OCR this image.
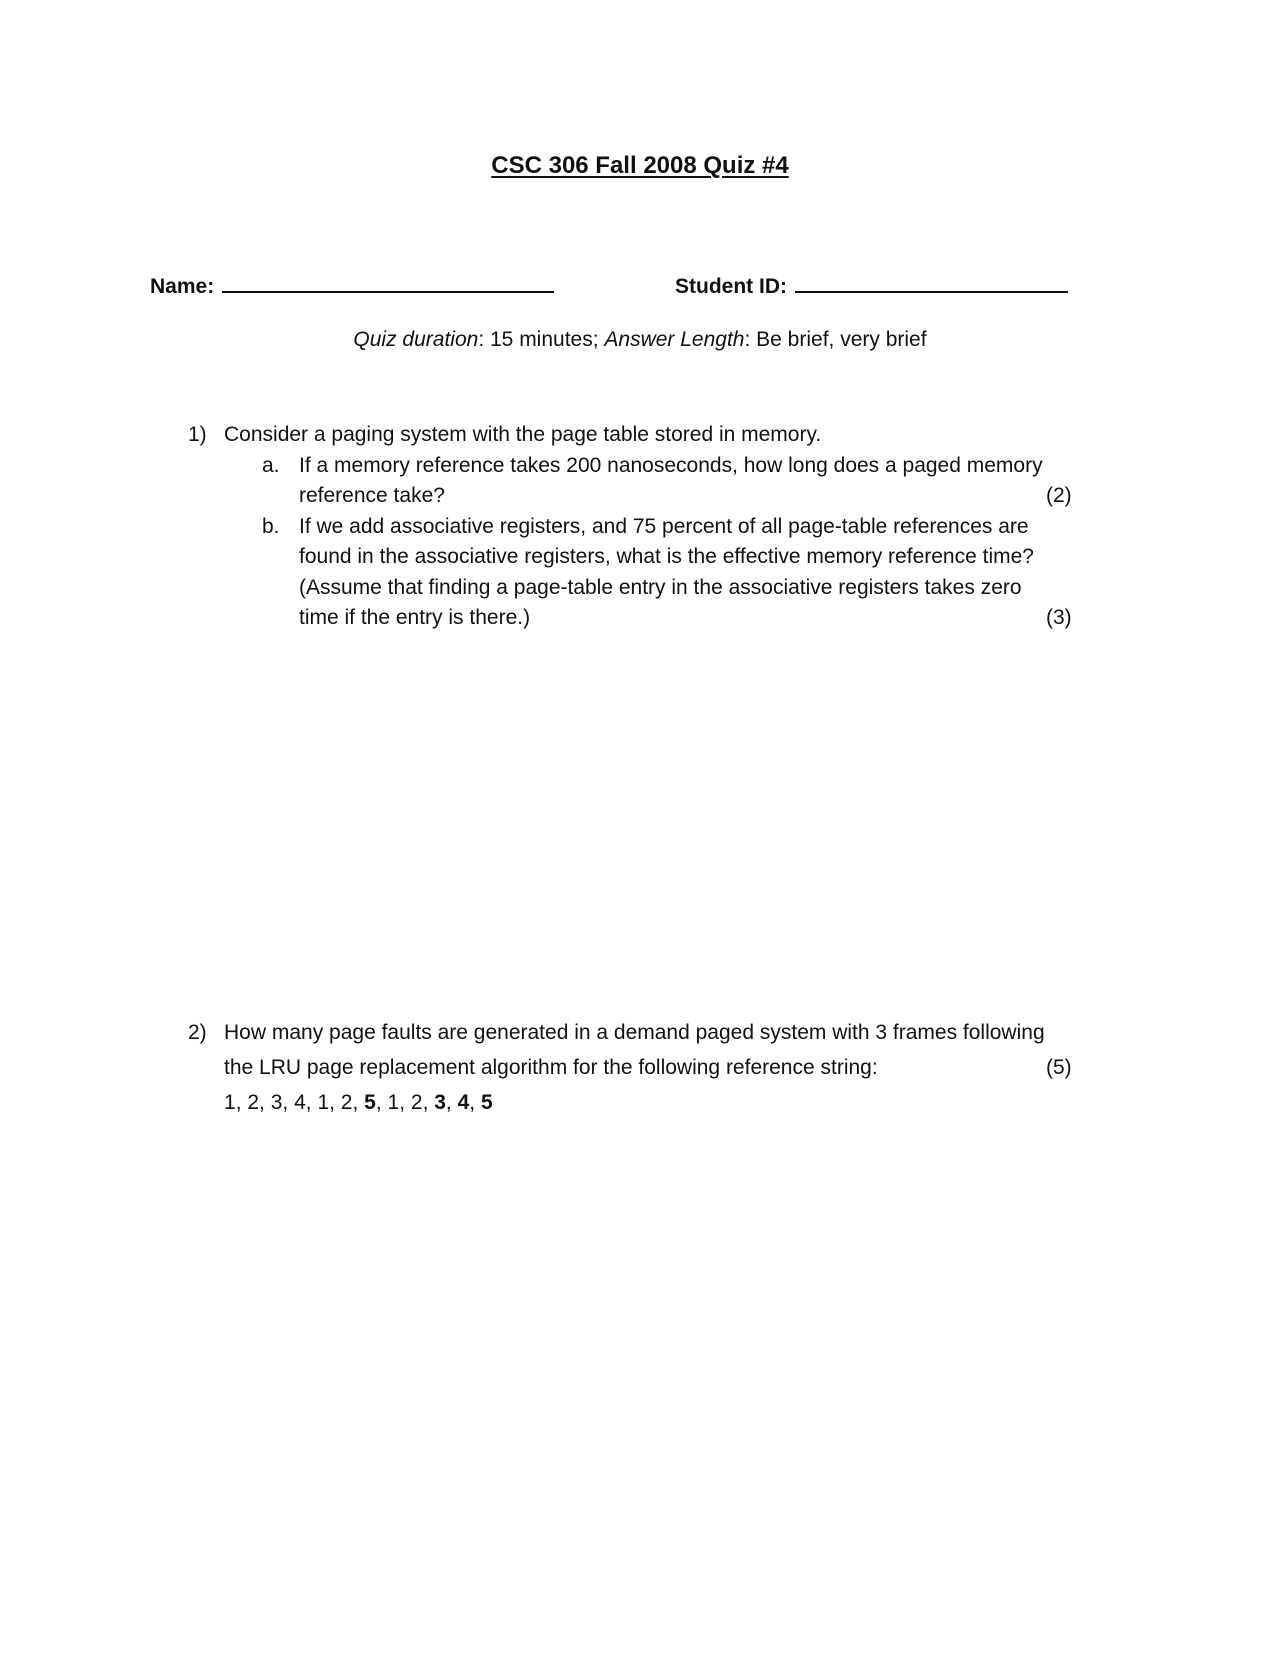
CSC 306 Fall 2008 Quiz #4
Name:	Student ID:
Quiz duration: 15 minutes; Answer Length: Be brief, very brief
1) Consider a paging system with the page table stored in memory.
a. If a memory reference takes 200 nanoseconds, how long does a paged memory
reference take?	(2)
b. If we add associative registers, and 75 percent of all page-table references are
found in the associative registers, what is the effective memory reference time?
(Assume that finding a page-table entry in the associative registers takes zero
time if the entry is there.)	(3)
2) How many page faults are generated in a demand paged system with 3 frames following
the LRU page replacement algorithm for the following reference string:
1, 2, 3, 4, 1, 2, 5, 1, 2, 3, 4, 5
(5)
